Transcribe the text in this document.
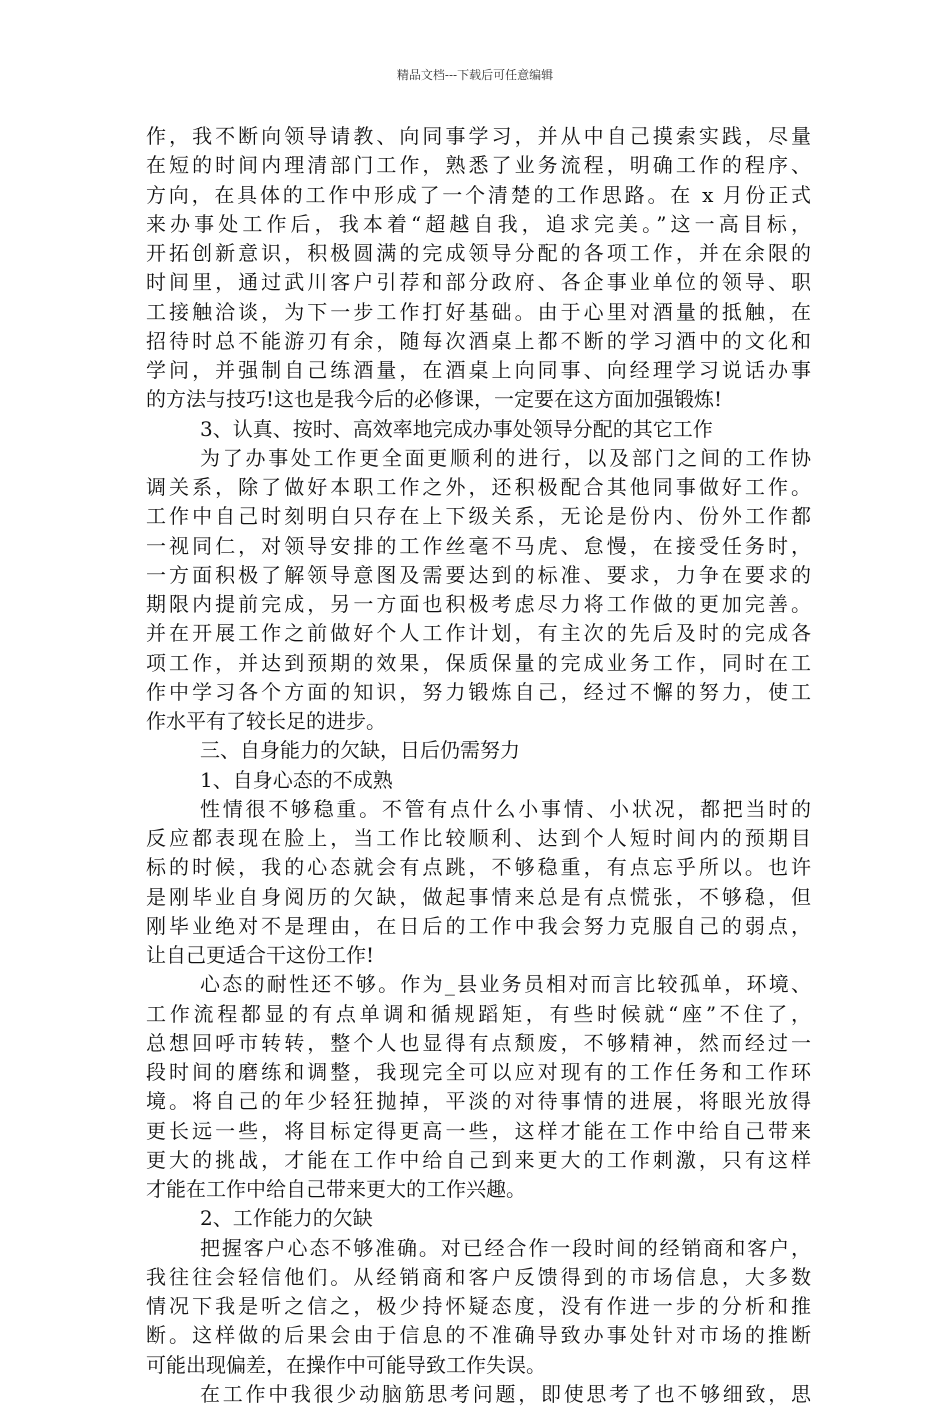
精品文档---下载后可任意编辑
作，我不断向领导请教、向同事学习，并从中自己摸索实践，尽量
在短的时间内理清部门工作，熟悉了业务流程，明确工作的程序、
方向，在具体的工作中形成了一个清楚的工作思路。在 x 月份正式
来办事处工作后，我本着“超越自我，追求完美。”这一高目标，
开拓创新意识，积极圆满的完成领导分配的各项工作，并在余限的
时间里，通过武川客户引荐和部分政府、各企事业单位的领导、职
工接触洽谈，为下一步工作打好基础。由于心里对酒量的抵触，在
招待时总不能游刃有余，随每次酒桌上都不断的学习酒中的文化和
学问，并强制自己练酒量，在酒桌上向同事、向经理学习说话办事
的方法与技巧!这也是我今后的必修课，一定要在这方面加强锻炼!
3、认真、按时、高效率地完成办事处领导分配的其它工作
为了办事处工作更全面更顺利的进行，以及部门之间的工作协
调关系，除了做好本职工作之外，还积极配合其他同事做好工作。
工作中自己时刻明白只存在上下级关系，无论是份内、份外工作都
一视同仁，对领导安排的工作丝毫不马虎、怠慢，在接受任务时，
一方面积极了解领导意图及需要达到的标准、要求，力争在要求的
期限内提前完成，另一方面也积极考虑尽力将工作做的更加完善。
并在开展工作之前做好个人工作计划，有主次的先后及时的完成各
项工作，并达到预期的效果，保质保量的完成业务工作，同时在工
作中学习各个方面的知识，努力锻炼自己，经过不懈的努力，使工
作水平有了较长足的进步。
三、自身能力的欠缺，日后仍需努力
1、自身心态的不成熟
性情很不够稳重。不管有点什么小事情、小状况，都把当时的
反应都表现在脸上，当工作比较顺利、达到个人短时间内的预期目
标的时候，我的心态就会有点跳，不够稳重，有点忘乎所以。也许
是刚毕业自身阅历的欠缺，做起事情来总是有点慌张，不够稳，但
刚毕业绝对不是理由，在日后的工作中我会努力克服自己的弱点，
让自己更适合干这份工作!
心态的耐性还不够。作为_县业务员相对而言比较孤单，环境、
工作流程都显的有点单调和循规蹈矩，有些时候就“座”不住了，
总想回呼市转转，整个人也显得有点颓废，不够精神，然而经过一
段时间的磨练和调整，我现完全可以应对现有的工作任务和工作环
境。将自己的年少轻狂抛掉，平淡的对待事情的进展，将眼光放得
更长远一些，将目标定得更高一些，这样才能在工作中给自己带来
更大的挑战，才能在工作中给自己到来更大的工作刺激，只有这样
才能在工作中给自己带来更大的工作兴趣。
2、工作能力的欠缺
把握客户心态不够准确。对已经合作一段时间的经销商和客户，
我往往会轻信他们。从经销商和客户反馈得到的市场信息，大多数
情况下我是听之信之，极少持怀疑态度，没有作进一步的分析和推
断。这样做的后果会由于信息的不准确导致办事处针对市场的推断
可能出现偏差，在操作中可能导致工作失误。
在工作中我很少动脑筋思考问题，即使思考了也不够细致，思
